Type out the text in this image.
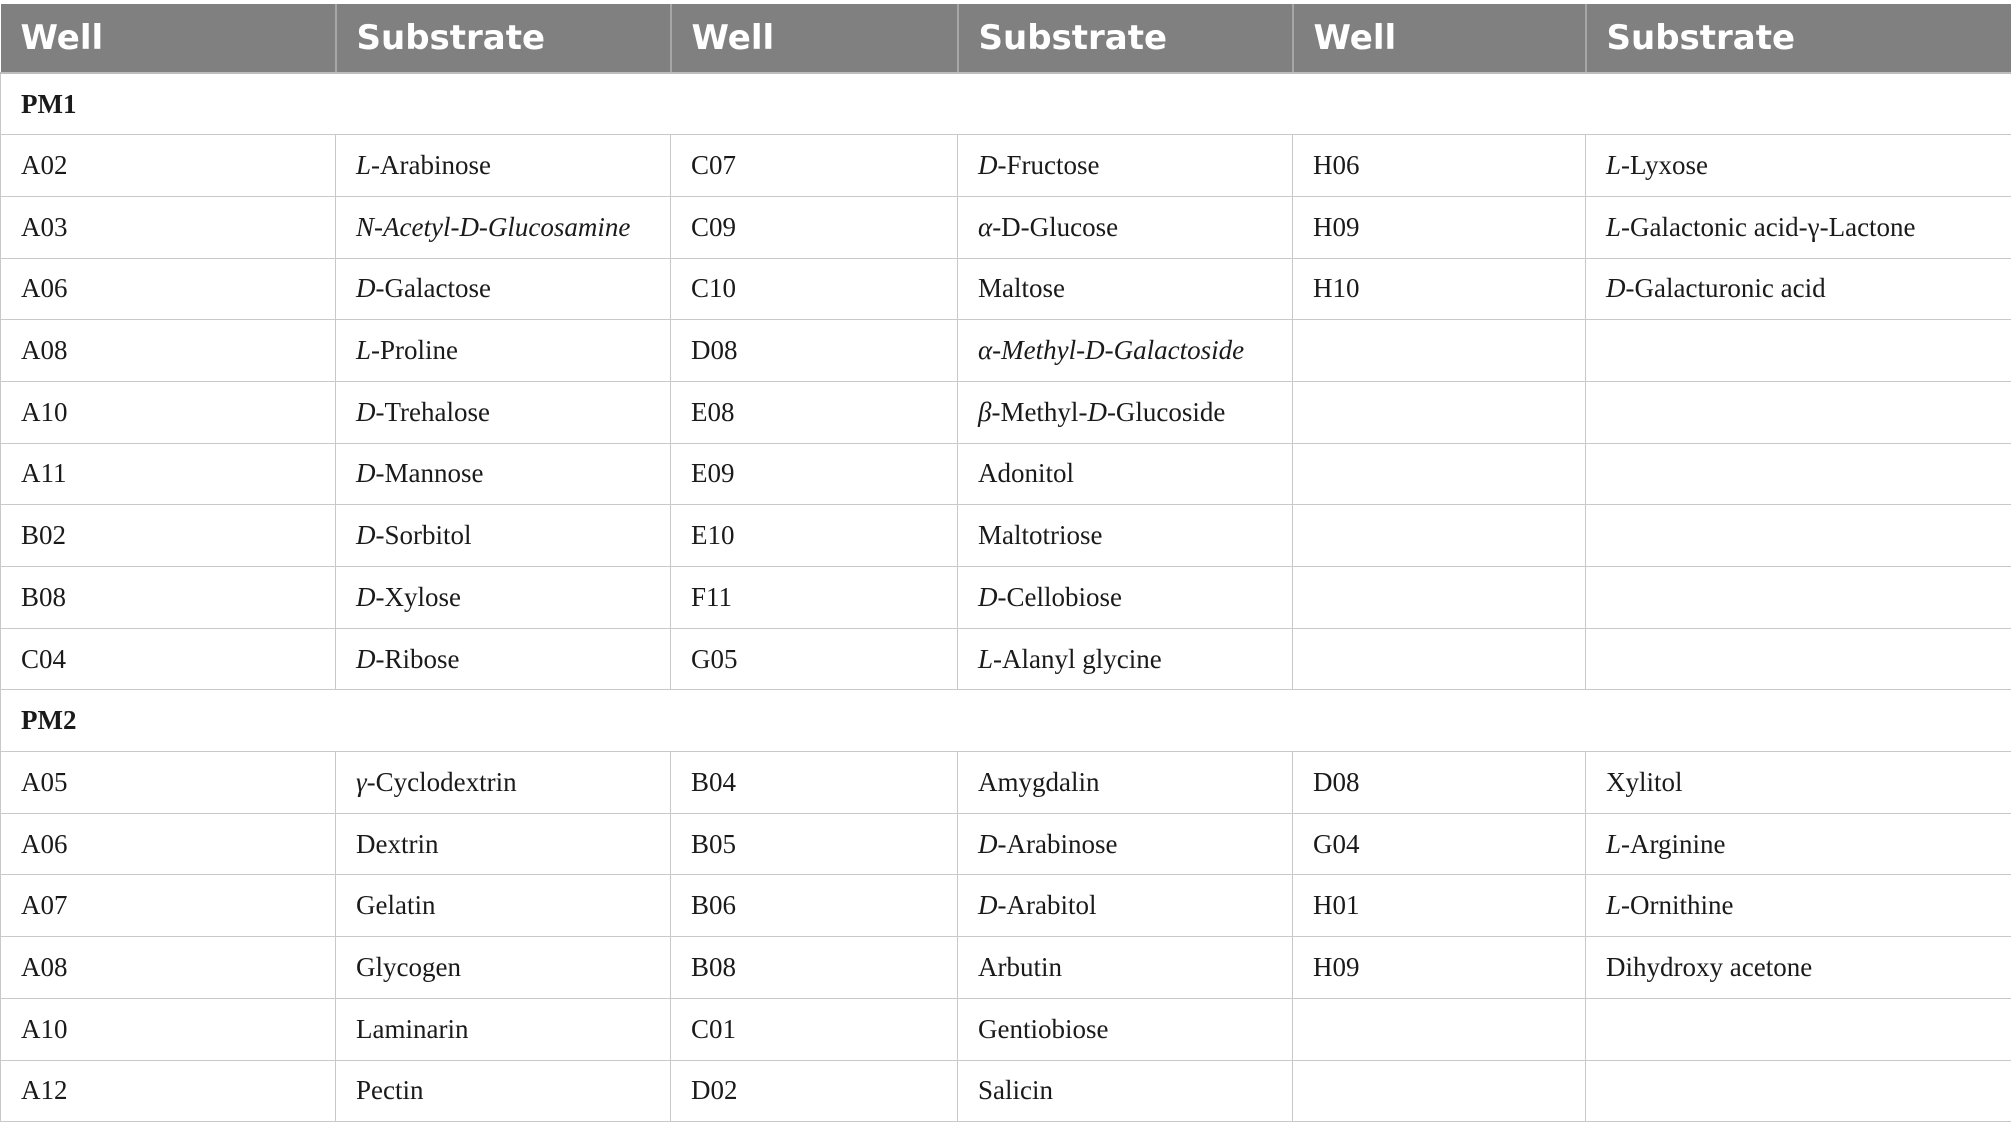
Well	Substrate	Well	Substrate	Well	Substrate
PM1					
A02	L-Arabinose	C07	D-Fructose	H06	L-Lyxose
A03	N-Acetyl-D-Glucosamine	C09	α-D-Glucose	H09	L-Galactonic acid-γ-Lactone
A06	D-Galactose	C10	Maltose	H10	D-Galacturonic acid
A08	L-Proline	D08	α-Methyl-D-Galactoside		
A10	D-Trehalose	E08	β-Methyl-D-Glucoside		
A11	D-Mannose	E09	Adonitol		
B02	D-Sorbitol	E10	Maltotriose		
B08	D-Xylose	F11	D-Cellobiose		
C04	D-Ribose	G05	L-Alanyl glycine		
PM2					
A05	γ-Cyclodextrin	B04	Amygdalin	D08	Xylitol
A06	Dextrin	B05	D-Arabinose	G04	L-Arginine
A07	Gelatin	B06	D-Arabitol	H01	L-Ornithine
A08	Glycogen	B08	Arbutin	H09	Dihydroxy acetone
A10	Laminarin	C01	Gentiobiose		
A12	Pectin	D02	Salicin		
